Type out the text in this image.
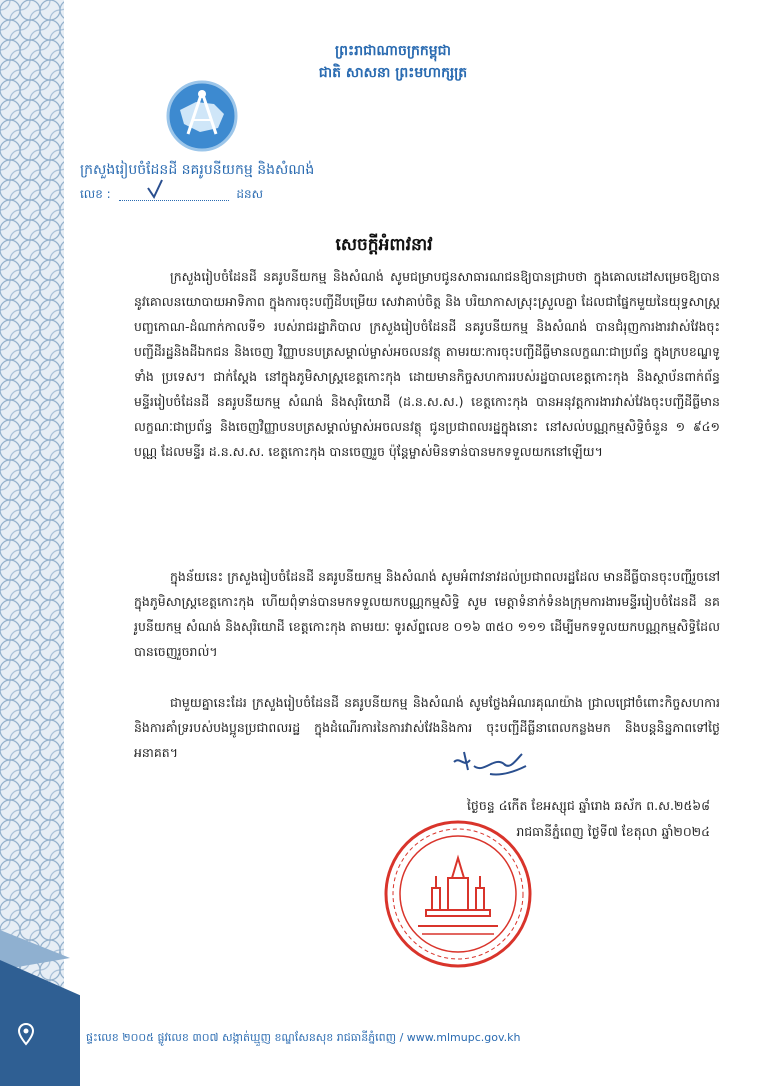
ព្រះរាជាណាចក្រកម្ពុជា
ជាតិ សាសនា ព្រះមហាក្សត្រ
ក្រសួងរៀបចំដែនដី នគរូបនីយកម្ម និងសំណង់
លេខ :	ដនស
សេចក្តីអំពាវនាវ

ក្រសួងរៀបចំដែនដី នគរូបនីយកម្ម និងសំណង់ សូមជម្រាបជូនសាធារណជនឱ្យបានជ្រាបថា ក្នុងគោលដៅសម្រេចឱ្យបាននូវគោលនយោបាយអាទិភាព ក្នុងការចុះបញ្ជីដីបម្រើយ សេវាគាប់ចិត្ត និង បរិយាកាសស្រុះស្រួលគ្នា ដែលជាផ្នែកមួយនៃយុទ្ធសាស្ត្របញ្ចកោណ-ដំណាក់កាលទី១ របស់រាជរដ្ឋាភិបាល ក្រសួងរៀបចំដែនដី នគរូបនីយកម្ម និងសំណង់ បានជំរុញការងារវាស់វែងចុះបញ្ជីដីរដ្ឋនិងដីឯកជន និងចេញ វិញ្ញាបនបត្រសម្គាល់ម្ចាស់អចលនវត្ថុ តាមរយៈការចុះបញ្ជីដីធ្លីមានលក្ខណៈជាប្រព័ន្ធ ក្នុងក្របខណ្ឌទូទាំង ប្រទេស។ ជាក់ស្តែង នៅក្នុងភូមិសាស្ត្រខេត្តកោះកុង ដោយមានកិច្ចសហការរបស់រដ្ឋបាលខេត្តកោះកុង និងស្ថាប័នពាក់ព័ន្ធ មន្ទីររៀបចំដែនដី នគរូបនីយកម្ម សំណង់ និងសុរិយោដី (ដ.ន.ស.ស.) ខេត្តកោះកុង បានអនុវត្តការងារវាស់វែងចុះបញ្ជីដីធ្លីមានលក្ខណៈជាប្រព័ន្ធ និងចេញវិញ្ញាបនបត្រសម្គាល់ម្ចាស់អចលនវត្ថុ ជូនប្រជាពលរដ្ឋក្នុងនោះ នៅសល់បណ្ណកម្មសិទ្ធិចំនួន ១ ៩៤១ បណ្ណ ដែលមន្ទីរ ដ.ន.ស.ស. ខេត្តកោះកុង បានចេញរួច ប៉ុន្តែម្ចាស់មិនទាន់បានមកទទួលយកនៅឡើយ។

ក្នុងន័យនេះ ក្រសួងរៀបចំដែនដី នគរូបនីយកម្ម និងសំណង់ សូមអំពាវនាវដល់ប្រជាពលរដ្ឋដែល មានដីធ្លីបានចុះបញ្ជីរួចនៅក្នុងភូមិសាស្ត្រខេត្តកោះកុង ហើយពុំទាន់បានមកទទួលយកបណ្ណកម្មសិទ្ធិ សូម មេត្តាទំនាក់ទំនងក្រុមការងារមន្ទីររៀបចំដែនដី នគរូបនីយកម្ម សំណង់ និងសុរិយោដី ខេត្តកោះកុង តាមរយៈ ទូរស័ព្ទលេខ ០១៦ ៣៥០ ១១១ ដើម្បីមកទទួលយកបណ្ណកម្មសិទ្ធិដែលបានចេញរួចរាល់។

ជាមួយគ្នានេះដែរ ក្រសួងរៀបចំដែនដី នគរូបនីយកម្ម និងសំណង់ សូមថ្លែងអំណរគុណយ៉ាង ជ្រាលជ្រៅចំពោះកិច្ចសហការ និងការគាំទ្ររបស់បងប្អូនប្រជាពលរដ្ឋ ក្នុងដំណើរការនៃការវាស់វែងនិងការ ចុះបញ្ជីដីធ្លីនាពេលកន្លងមក និងបន្តនិន្នភាពទៅថ្ងៃអនាគត។

ថ្ងៃចន្ទ ៤កើត ខែអស្សុជ ឆ្នាំរោង ឆស័ក ព.ស.២៥៦៨
រាជធានីភ្នំពេញ ថ្ងៃទី៧ ខែតុលា ឆ្នាំ២០២៤
ផ្ទះលេខ ២០០៥ ផ្លូវលេខ ៣០៧ សង្កាត់ឃ្មួញ ខណ្ឌសែនសុខ រាជធានីភ្នំពេញ / www.mlmupc.gov.kh
